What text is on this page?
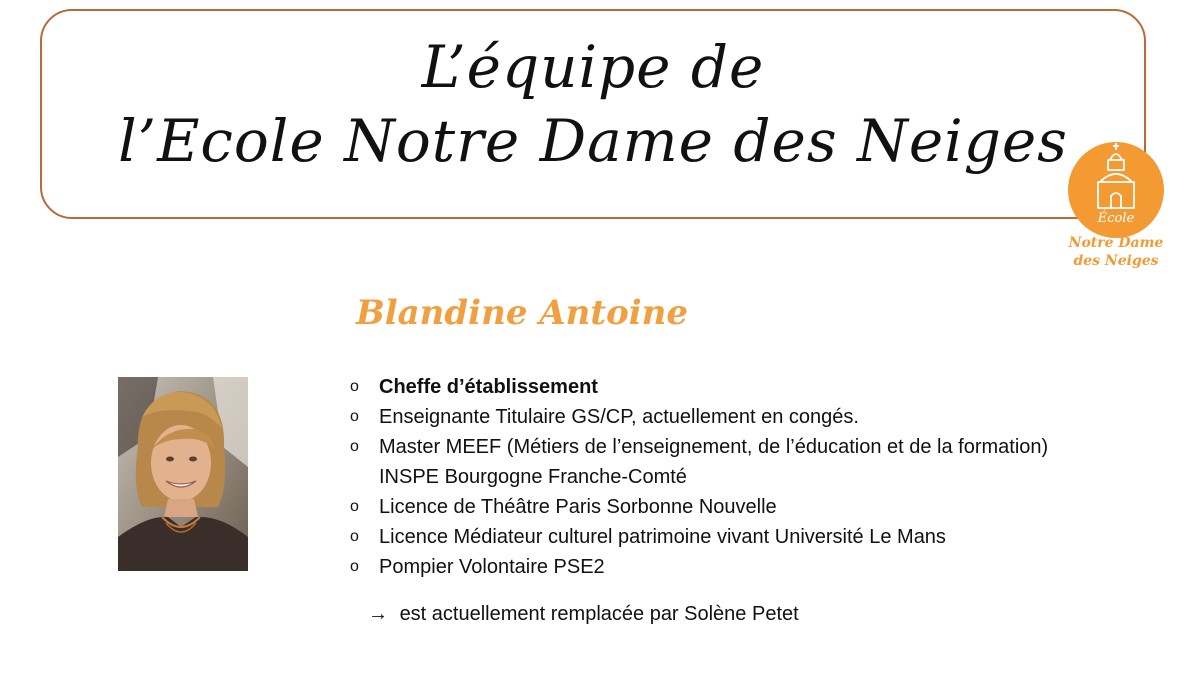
L’équipe de
l’Ecole Notre Dame des Neiges
École
Notre Dame
des Neiges
Blandine Antoine
o Cheffe d’établissement
o Enseignante Titulaire GS/CP, actuellement en congés.
o Master MEEF (Métiers de l’enseignement, de l’éducation et de la formation)
INSPE Bourgogne Franche-Comté
o Licence de Théâtre Paris Sorbonne Nouvelle
o Licence Médiateur culturel patrimoine vivant Université Le Mans
o Pompier Volontaire PSE2
→ est actuellement remplacée par Solène Petet
